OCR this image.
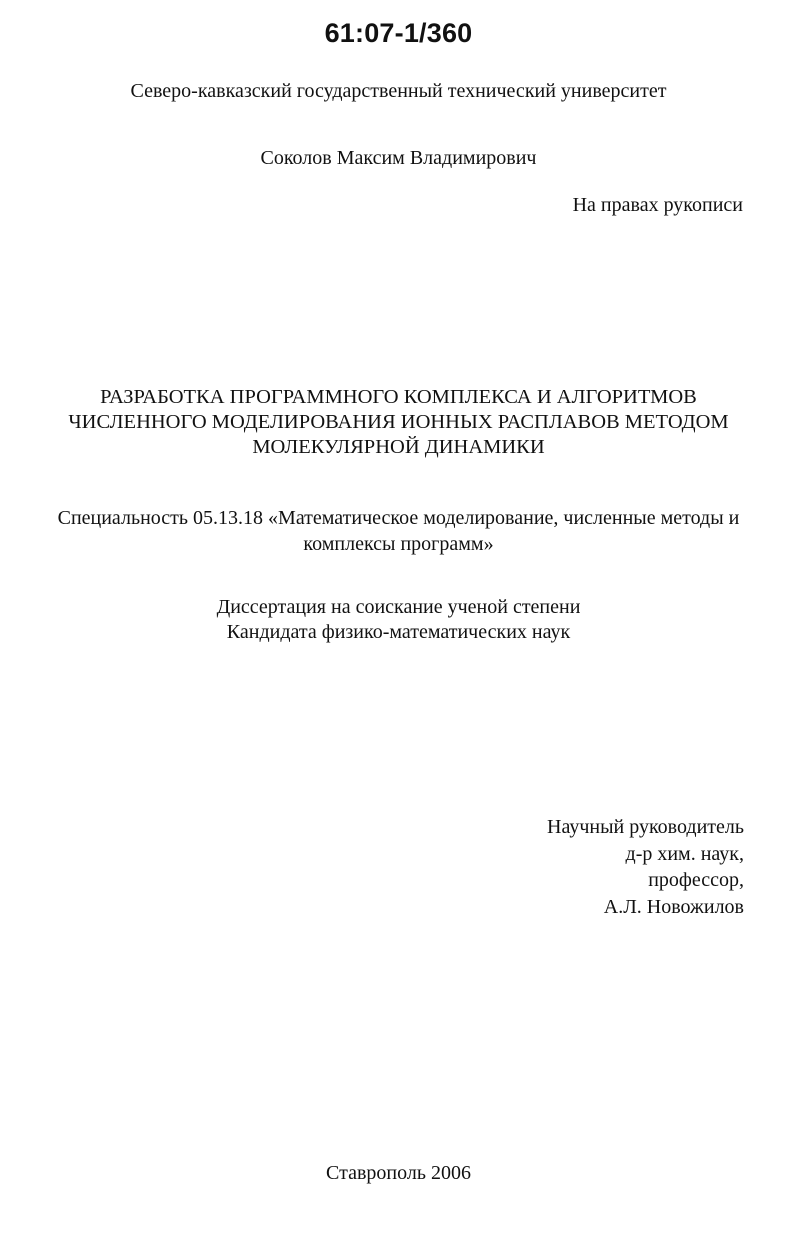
61:07-1/360
Северо-кавказский государственный технический университет
Соколов Максим Владимирович
На правах рукописи
РАЗРАБОТКА ПРОГРАММНОГО КОМПЛЕКСА И АЛГОРИТМОВ
ЧИСЛЕННОГО МОДЕЛИРОВАНИЯ ИОННЫХ РАСПЛАВОВ МЕТОДОМ
МОЛЕКУЛЯРНОЙ ДИНАМИКИ
Специальность 05.13.18 «Математическое моделирование, численные методы и
комплексы программ»
Диссертация на соискание ученой степени
Кандидата физико-математических наук
Научный руководитель
д-р хим. наук,
профессор,
А.Л. Новожилов
Ставрополь 2006
